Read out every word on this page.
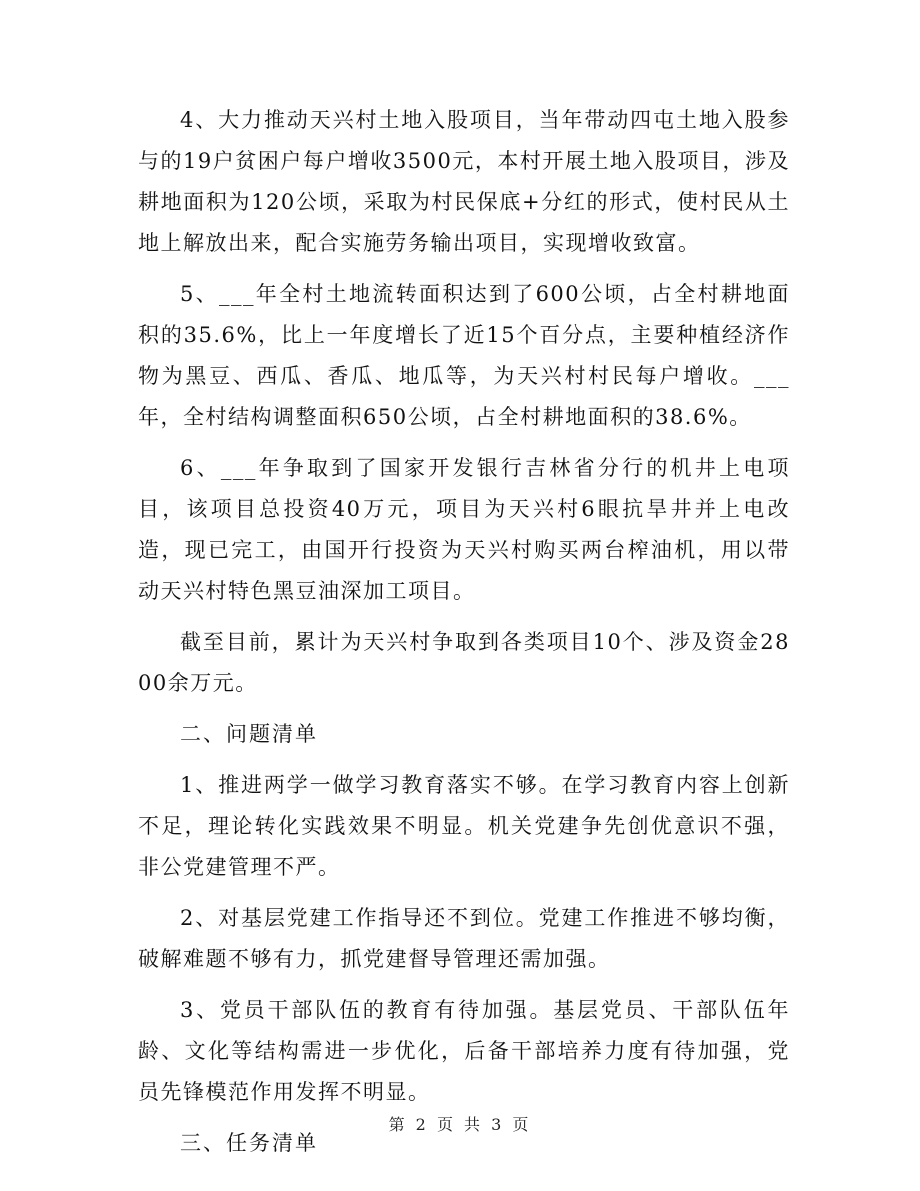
4、大力推动天兴村土地入股项目，当年带动四屯土地入股参与的19户贫困户每户增收3500元，本村开展土地入股项目，涉及耕地面积为120公顷，采取为村民保底+分红的形式，使村民从土地上解放出来，配合实施劳务输出项目，实现增收致富。

5、___年全村土地流转面积达到了600公顷，占全村耕地面积的35.6%，比上一年度增长了近15个百分点，主要种植经济作物为黑豆、西瓜、香瓜、地瓜等，为天兴村村民每户增收。___年，全村结构调整面积650公顷，占全村耕地面积的38.6%。

6、___年争取到了国家开发银行吉林省分行的机井上电项目，该项目总投资40万元，项目为天兴村6眼抗旱井并上电改造，现已完工，由国开行投资为天兴村购买两台榨油机，用以带动天兴村特色黑豆油深加工项目。

截至目前，累计为天兴村争取到各类项目10个、涉及资金2800余万元。

二、问题清单

1、推进两学一做学习教育落实不够。在学习教育内容上创新不足，理论转化实践效果不明显。机关党建争先创优意识不强，非公党建管理不严。

2、对基层党建工作指导还不到位。党建工作推进不够均衡，破解难题不够有力，抓党建督导管理还需加强。

3、党员干部队伍的教育有待加强。基层党员、干部队伍年龄、文化等结构需进一步优化，后备干部培养力度有待加强，党员先锋模范作用发挥不明显。

三、任务清单

第 2 页 共 3 页
